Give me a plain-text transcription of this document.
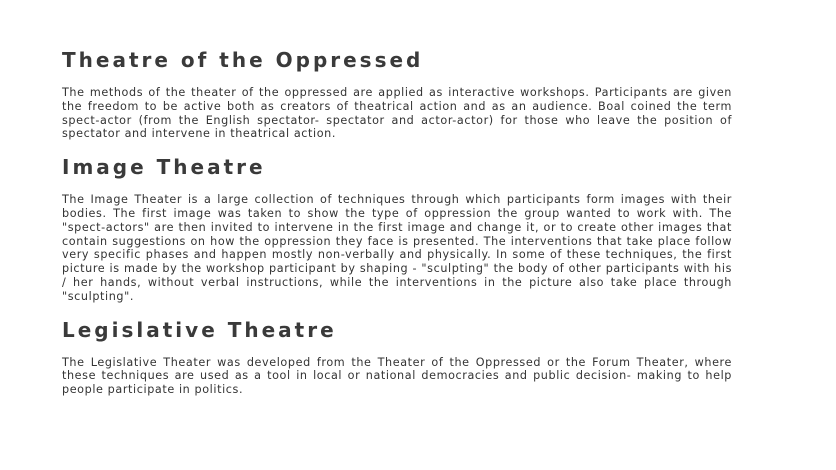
Theatre of the Oppressed

The methods of the theater of the oppressed are applied as interactive workshops. Participants are given the freedom to be active both as creators of theatrical action and as an audience. Boal coined the term spect-actor (from the English spectator- spectator and actor-actor) for those who leave the position of spectator and intervene in theatrical action.

Image Theatre

The Image Theater is a large collection of techniques through which participants form images with their bodies. The first image was taken to show the type of oppression the group wanted to work with. The "spect-actors" are then invited to intervene in the first image and change it, or to create other images that contain suggestions on how the oppression they face is presented. The interventions that take place follow very specific phases and happen mostly non-verbally and physically. In some of these techniques, the first picture is made by the workshop participant by shaping - "sculpting" the body of other participants with his / her hands, without verbal instructions, while the interventions in the picture also take place through "sculpting".

Legislative Theatre

The Legislative Theater was developed from the Theater of the Oppressed or the Forum Theater, where these techniques are used as a tool in local or national democracies and public decision- making to help people participate in politics.
